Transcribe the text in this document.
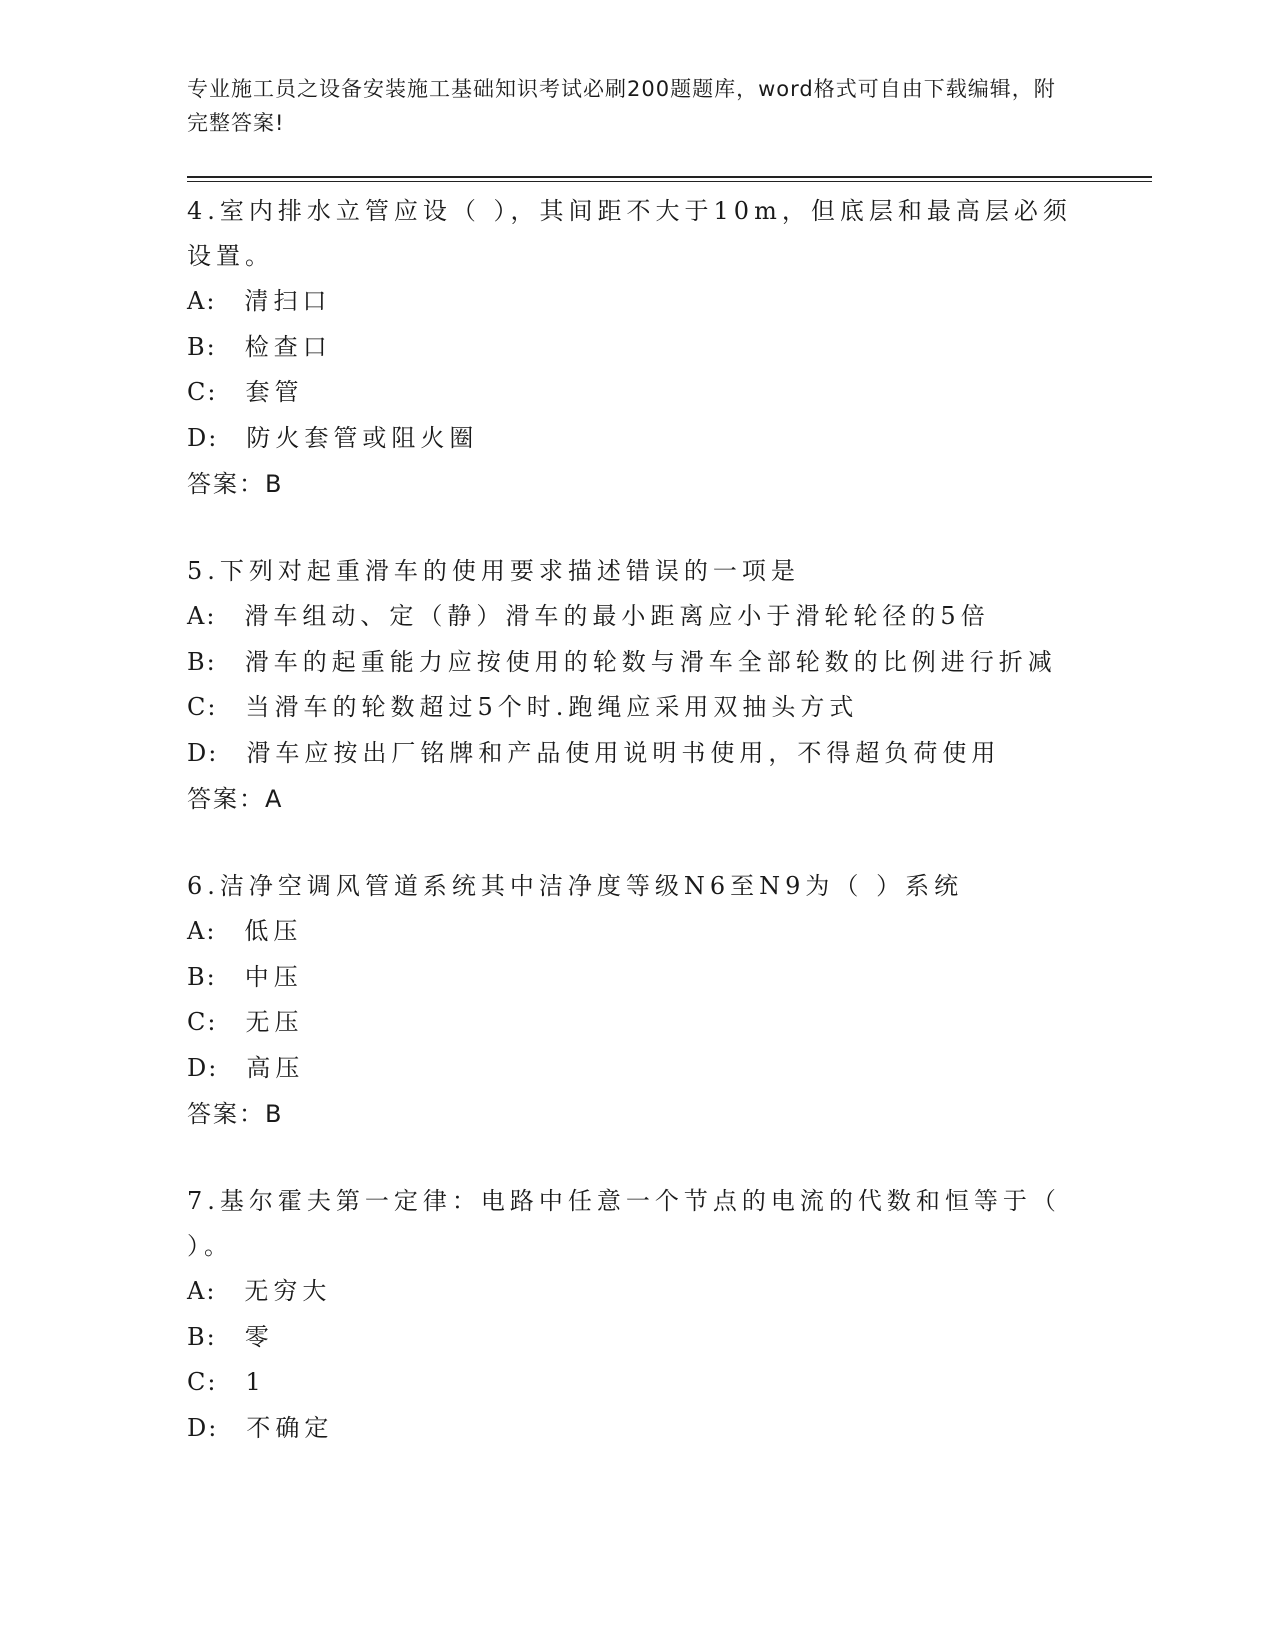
专业施工员之设备安装施工基础知识考试必刷200题题库，word格式可自由下载编辑，附完整答案!
4.室内排水立管应设（ ），其间距不大于10m，但底层和最高层必须设置。
A: 清扫口
B: 检查口
C: 套管
D: 防火套管或阻火圈
答案：B
5.下列对起重滑车的使用要求描述错误的一项是
A: 滑车组动、定（静）滑车的最小距离应小于滑轮轮径的5倍
B: 滑车的起重能力应按使用的轮数与滑车全部轮数的比例进行折减
C: 当滑车的轮数超过5个时.跑绳应采用双抽头方式
D: 滑车应按出厂铭牌和产品使用说明书使用，不得超负荷使用
答案：A
6.洁净空调风管道系统其中洁净度等级N6至N9为（ ）系统
A: 低压
B: 中压
C: 无压
D: 高压
答案：B
7.基尔霍夫第一定律：电路中任意一个节点的电流的代数和恒等于（ ）。
A: 无穷大
B: 零
C: 1
D: 不确定
